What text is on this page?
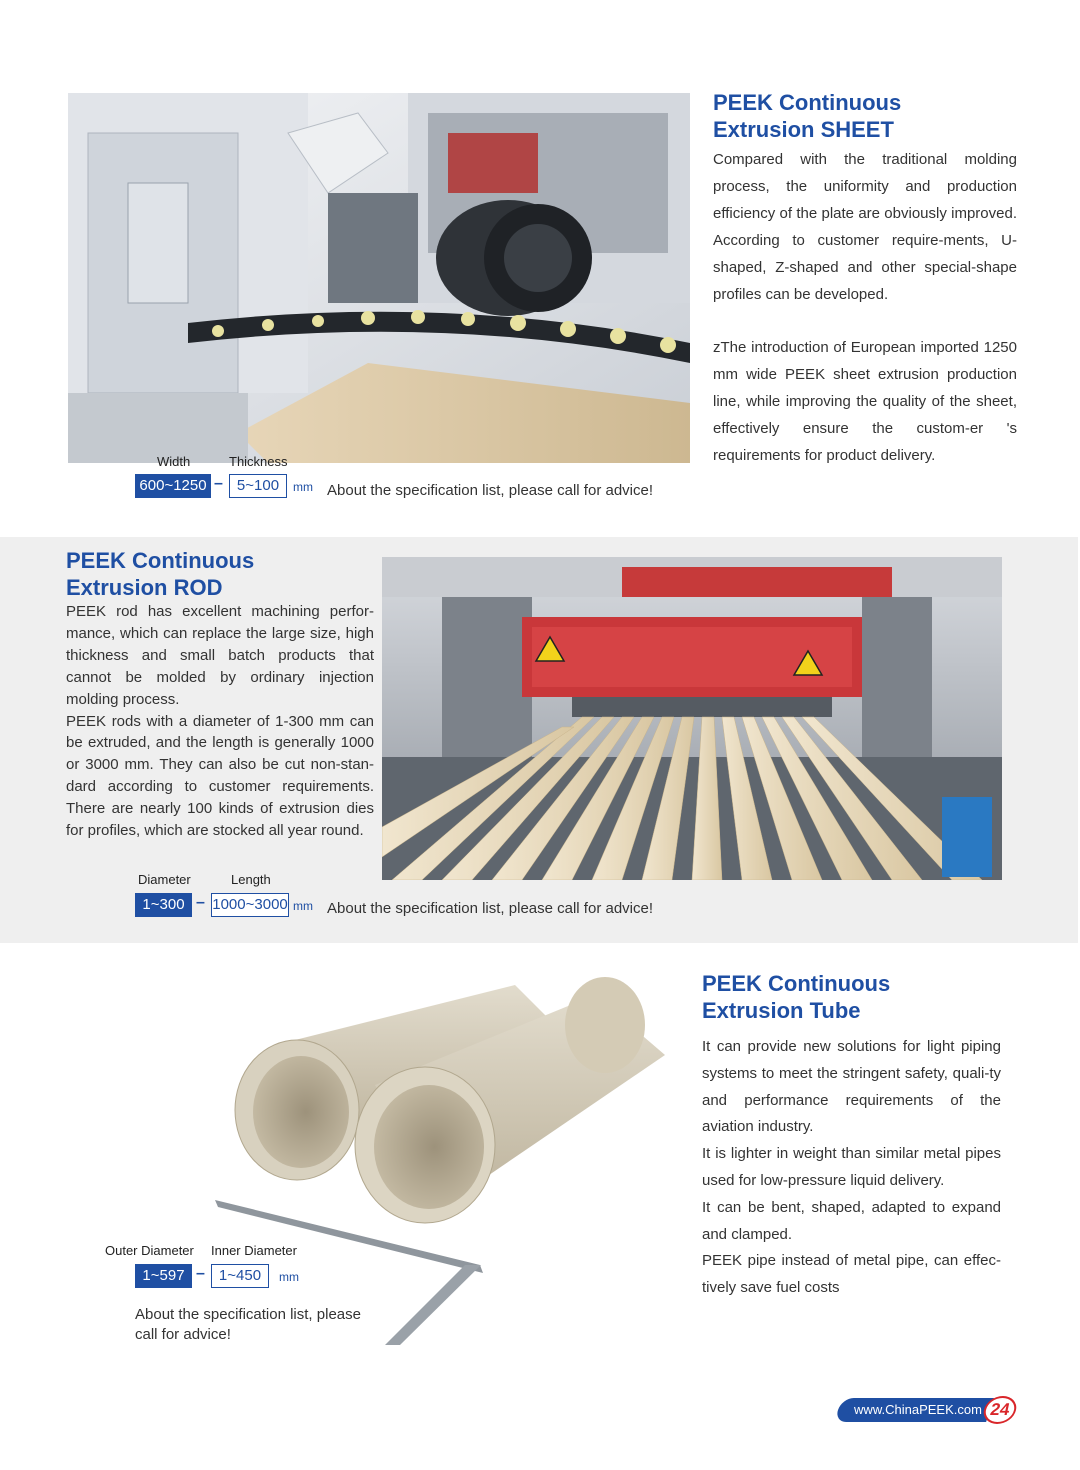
PEEK Continuous
Extrusion SHEET

Compared with the traditional molding process, the uniformity and production efficiency of the plate are obviously improved. According to customer require-ments, U-shaped, Z-shaped and other special-shape profiles can be developed.

zThe introduction of European imported 1250 mm wide PEEK sheet extrusion production line, while improving the quality of the sheet, effectively ensure the custom-er 's requirements for product delivery.

Width	Thickness
600~1250 – 5~100	mm About the specification list, please call for advice!
PEEK Continuous
Extrusion ROD

PEEK rod has excellent machining perfor-mance, which can replace the large size, high thickness and small batch products that cannot be molded by ordinary injection molding process.

PEEK rods with a diameter of 1-300 mm can be extruded, and the length is generally 1000 or 3000 mm. They can also be cut non-stan-dard according to customer requirements. There are nearly 100 kinds of extrusion dies for profiles, which are stocked all year round.

Diameter	Length
1~300 – 1000~3000 mm About the specification list, please call for advice!
PEEK Continuous
Extrusion Tube

It can provide new solutions for light piping systems to meet the stringent safety, quali-ty and performance requirements of the aviation industry.

It is lighter in weight than similar metal pipes used for low-pressure liquid delivery.

It can be bent, shaped, adapted to expand and clamped.

PEEK pipe instead of metal pipe, can effec-tively save fuel costs

Outer Diameter Inner Diameter
1~597 – 1~450	mm
About the specification list, please
call for advice!
www.ChinaPEEK.com 24
